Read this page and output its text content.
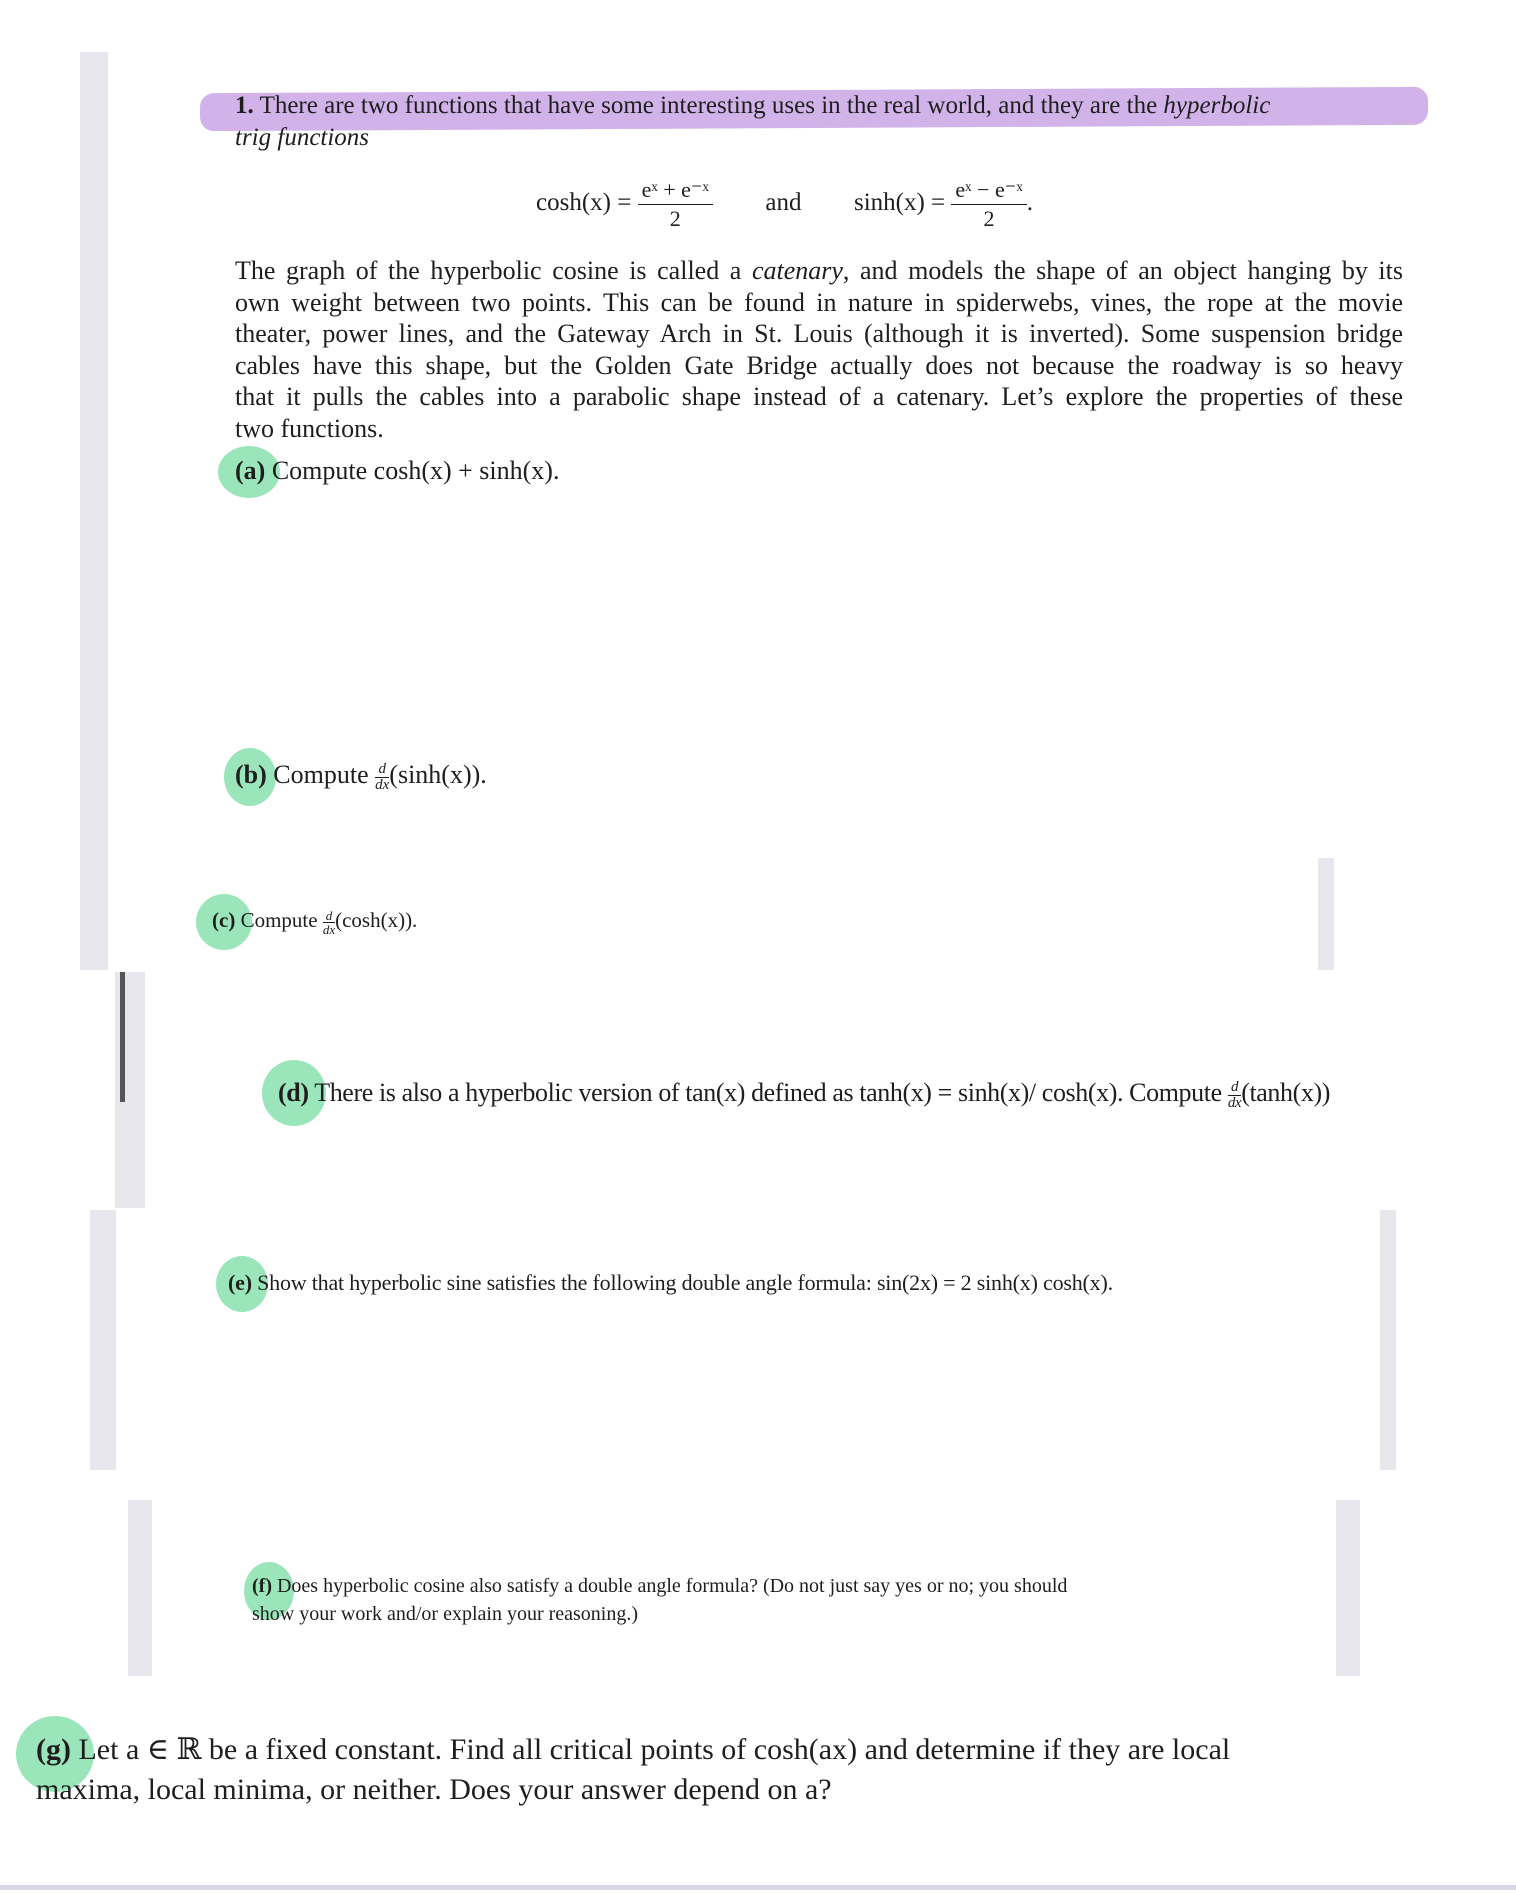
1. There are two functions that have some interesting uses in the real world, and they are the hyperbolic
trig functions
$\cosh(x) = \frac{\text{eˣ + e⁻ˣ}}{2}$ and $\sinh(x) = \frac{\text{eˣ − e⁻ˣ}}{2}$ .
The graph of the hyperbolic cosine is called a catenary, and models the shape of an object hanging by its
own weight between two points. This can be found in nature in spiderwebs, vines, the rope at the movie
theater, power lines, and the Gateway Arch in St. Louis (although it is inverted). Some suspension bridge
cables have this shape, but the Golden Gate Bridge actually does not because the roadway is so heavy
that it pulls the cables into a parabolic shape instead of a catenary. Let’s explore the properties of these
two functions.
(a) Compute cosh(x) + sinh(x).
(b) Compute $\frac{d}{dx} (\sinh(x))$.
(c) Compute $\frac{d}{dx} (\cosh(x))$.
(d) There is also a hyperbolic version of tan(x) defined as tanh(x) = sinh(x)/ cosh(x). Compute $\frac{d}{dx} (\tanh(x))$
(e) Show that hyperbolic sine satisfies the following double angle formula: sin(2x) = 2 sinh(x) cosh(x).
(f) Does hyperbolic cosine also satisfy a double angle formula? (Do not just say yes or no; you should
show your work and/or explain your reasoning.)
(g) Let a ∈ ℝ be a fixed constant. Find all critical points of cosh(ax) and determine if they are local
maxima, local minima, or neither. Does your answer depend on a?
